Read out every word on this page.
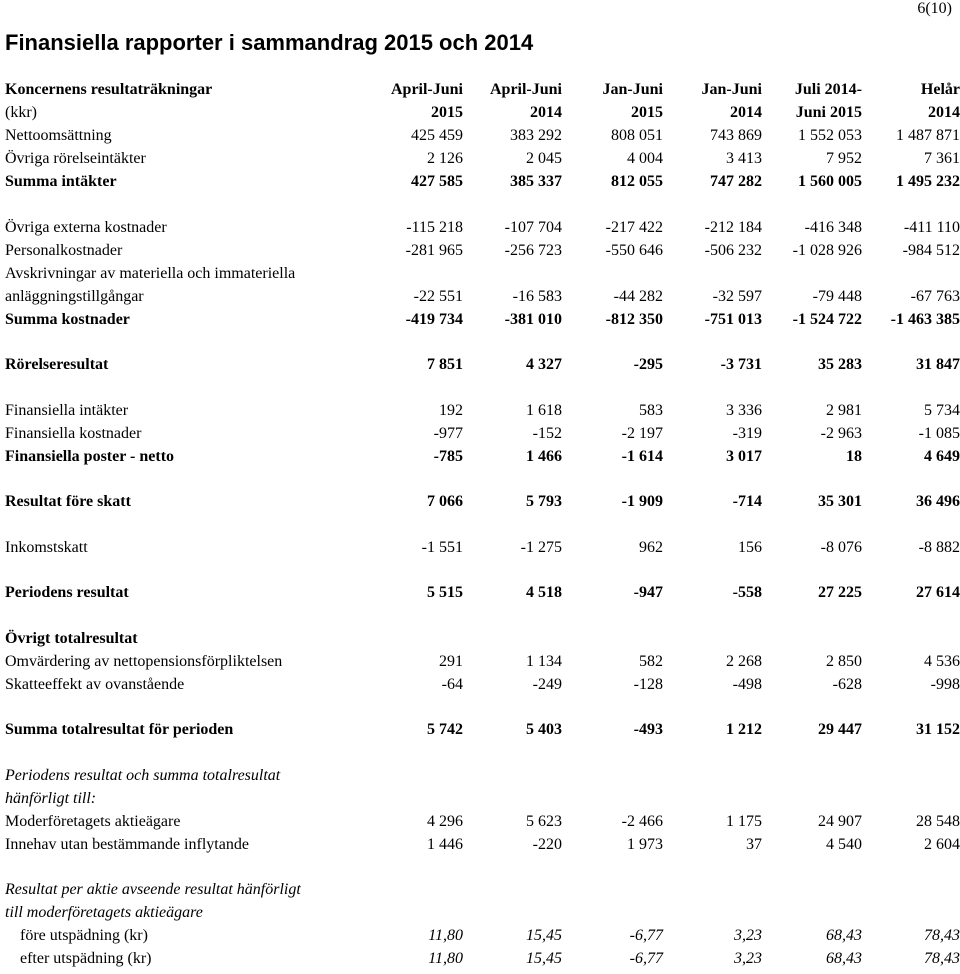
6(10)
Finansiella rapporter i sammandrag 2015 och 2014
Koncernens resultaträkningar	April-Juni	April-Juni	Jan-Juni	Jan-Juni	Juli 2014-	Helår
(kkr)	2015	2014	2015	2014	Juni 2015	2014
Nettoomsättning	425 459	383 292	808 051	743 869	1 552 053	1 487 871
Övriga rörelseintäkter	2 126	2 045	4 004	3 413	7 952	7 361
Summa intäkter	427 585	385 337	812 055	747 282	1 560 005	1 495 232
Övriga externa kostnader	-115 218	-107 704	-217 422	-212 184	-416 348	-411 110
Personalkostnader	-281 965	-256 723	-550 646	-506 232	-1 028 926	-984 512
Avskrivningar av materiella och immateriella
anläggningstillgångar	-22 551	-16 583	-44 282	-32 597	-79 448	-67 763
Summa kostnader	-419 734	-381 010	-812 350	-751 013	-1 524 722	-1 463 385
Rörelseresultat	7 851	4 327	-295	-3 731	35 283	31 847
Finansiella intäkter	192	1 618	583	3 336	2 981	5 734
Finansiella kostnader	-977	-152	-2 197	-319	-2 963	-1 085
Finansiella poster - netto	-785	1 466	-1 614	3 017	18	4 649
Resultat före skatt	7 066	5 793	-1 909	-714	35 301	36 496
Inkomstskatt	-1 551	-1 275	962	156	-8 076	-8 882
Periodens resultat	5 515	4 518	-947	-558	27 225	27 614
Övrigt totalresultat
Omvärdering av nettopensionsförpliktelsen	291	1 134	582	2 268	2 850	4 536
Skatteeffekt av ovanstående	-64	-249	-128	-498	-628	-998
Summa totalresultat för perioden	5 742	5 403	-493	1 212	29 447	31 152
Periodens resultat och summa totalresultat
hänförligt till:
Moderföretagets aktieägare	4 296	5 623	-2 466	1 175	24 907	28 548
Innehav utan bestämmande inflytande	1 446	-220	1 973	37	4 540	2 604
Resultat per aktie avseende resultat hänförligt
till moderföretagets aktieägare
före utspädning (kr)	11,80	15,45	-6,77	3,23	68,43	78,43
efter utspädning (kr)	11,80	15,45	-6,77	3,23	68,43	78,43
